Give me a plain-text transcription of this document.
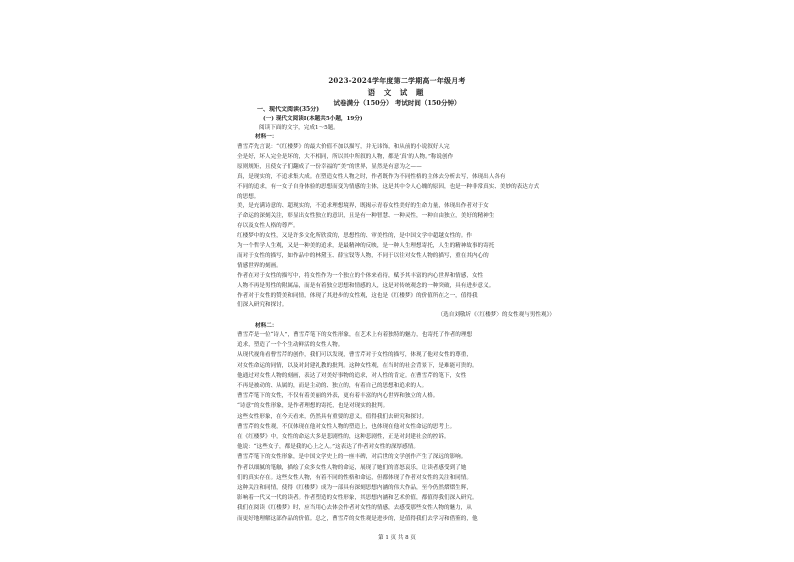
2023-2024学年度第二学期高一年级月考
语 文 试 题
试卷满分（150分） 考试时间（150分钟）
一、现代文阅读(35分)
(一) 现代文阅读I(本题共5小题，19分)
阅读下面的文字，完成1～5题。
材料一：
曹雪芹先言说：“《红楼梦》的最大价值不加以描写，并无讳饰，和从前的小说叙好人完
全是好，坏人完全是坏的，大不相同，所以其中所叙的人物，都是‘真’的人物。”称说创作
原则规矩，且使女子们翻成了一份幸福的“美”的世界，显然是有意为之——
真，是现实的，不追求集大成。在塑造女性人物之时，作者既作为不同性格的主体去分析去写，体现出人各有
不同的追求，有一女子自身体验的思想而变为情感的主体，这是其中令人心魄的原因，也是一种非常真实、美妙的表达方式
的思想。
美，是充满诗意的、超现实的，不追求理想境界，既揭示青春女性美好的生命力量，体现出作者对于女
子命运的深刻关注，彰显出女性独立的意识，且是有一种智慧、一种灵性，一种自由独立，美好的精神生
存以及女性人格的尊严。
红楼梦中的女性，又是许多文化所欣赏的，思想性的、审美性的，是中国文学中超越女性的。作
为一个哲学人生观，又是一种美的追求，是最精神的反映，是一种人生理想寄托，人生的精神故事的寄托
而对于女性的描写，如作品中的林黛玉、薛宝钗等人物，不同于以往对女性人物的描写，重在其内心的
情感世界的刻画。
作者在对于女性的描写中，将女性作为一个独立的个体来看待，赋予其丰富的内心世界和情感，女性
人物不再是男性的附属品，而是有着独立思想和情感的人，这是对传统观念的一种突破，具有进步意义。
作者对于女性的赞美和同情，体现了其进步的女性观，这也是《红楼梦》的价值所在之一，值得我
们深入研究和探讨。
（选自刘敬圻《〈红楼梦〉的女性观与男性观》）
材料二：
曹雪芹是一位“诗人”，曹雪芹笔下的女性形象，在艺术上有着独特的魅力，也寄托了作者的理想
追求，塑造了一个个生动鲜活的女性人物。
从现代视角看曹雪芹的创作，我们可以发现，曹雪芹对于女性的描写，体现了他对女性的尊重，
对女性命运的同情，以及对封建礼教的批判。这种女性观，在当时的社会背景下，是难能可贵的。
他通过对女性人物的刻画，表达了对美好事物的追求，对人性的肯定。在曹雪芹的笔下，女性
不再是被动的、从属的，而是主动的、独立的，有着自己的思想和追求的人。
曹雪芹笔下的女性，不仅有着美丽的外表，更有着丰富的内心世界和独立的人格。
“诗意”的女性形象，是作者理想的寄托，也是对现实的批判。
这些女性形象，在今天看来，仍然具有重要的意义，值得我们去研究和探讨。
曹雪芹的女性观，不仅体现在他对女性人物的塑造上，也体现在他对女性命运的思考上。
在《红楼梦》中，女性的命运大多是悲剧性的，这种悲剧性，正是对封建社会的控诉。
他说：“这些女子，都是我的心上之人。”这表达了作者对女性的深厚感情。
曹雪芹笔下的女性形象，是中国文学史上的一座丰碑，对后世的文学创作产生了深远的影响。
作者以细腻的笔触，描绘了众多女性人物的命运，展现了她们的喜怒哀乐，让读者感受到了她
们的真实存在。这些女性人物，有着不同的性格和命运，但都体现了作者对女性的关注和同情。
这种关注和同情，使得《红楼梦》成为一部具有深刻思想内涵的伟大作品，至今仍然熠熠生辉，
影响着一代又一代的读者。作者塑造的女性形象，其思想内涵和艺术价值，都值得我们深入研究。
我们在阅读《红楼梦》时，应当用心去体会作者对女性的情感，去感受那些女性人物的魅力，从
而更好地理解这部作品的价值。总之，曹雪芹的女性观是进步的，是值得我们去学习和借鉴的，他
第 1 页 共 8 页
